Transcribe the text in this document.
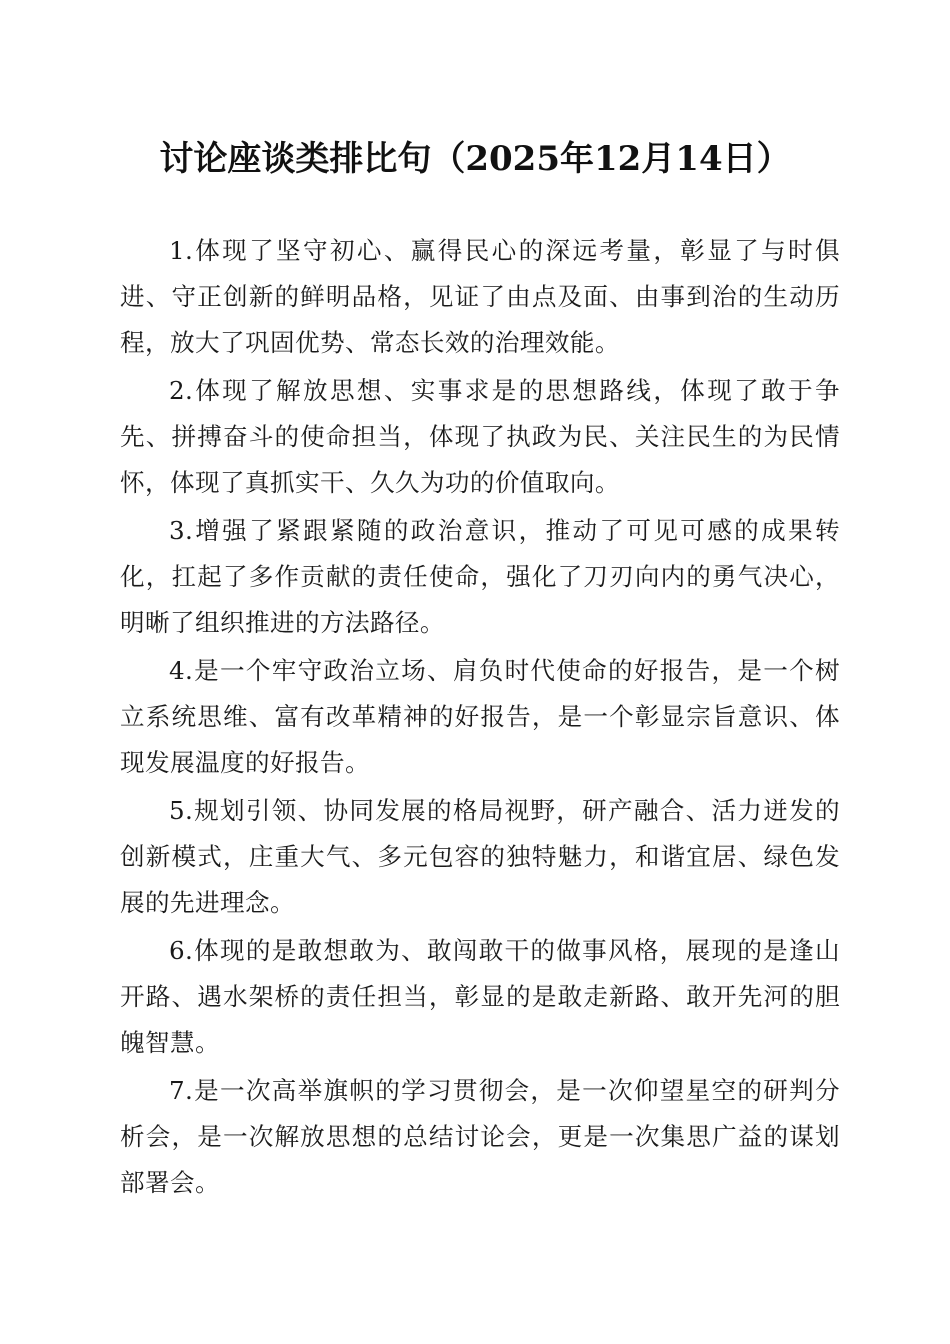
讨论座谈类排比句（2025年12月14日）

1.体现了坚守初心、赢得民心的深远考量，彰显了与时俱进、守正创新的鲜明品格，见证了由点及面、由事到治的生动历程，放大了巩固优势、常态长效的治理效能。

2.体现了解放思想、实事求是的思想路线，体现了敢于争先、拼搏奋斗的使命担当，体现了执政为民、关注民生的为民情怀，体现了真抓实干、久久为功的价值取向。

3.增强了紧跟紧随的政治意识，推动了可见可感的成果转化，扛起了多作贡献的责任使命，强化了刀刃向内的勇气决心，明晰了组织推进的方法路径。

4.是一个牢守政治立场、肩负时代使命的好报告，是一个树立系统思维、富有改革精神的好报告，是一个彰显宗旨意识、体现发展温度的好报告。

5.规划引领、协同发展的格局视野，研产融合、活力迸发的创新模式，庄重大气、多元包容的独特魅力，和谐宜居、绿色发展的先进理念。

6.体现的是敢想敢为、敢闯敢干的做事风格，展现的是逢山开路、遇水架桥的责任担当，彰显的是敢走新路、敢开先河的胆魄智慧。

7.是一次高举旗帜的学习贯彻会，是一次仰望星空的研判分析会，是一次解放思想的总结讨论会，更是一次集思广益的谋划部署会。
